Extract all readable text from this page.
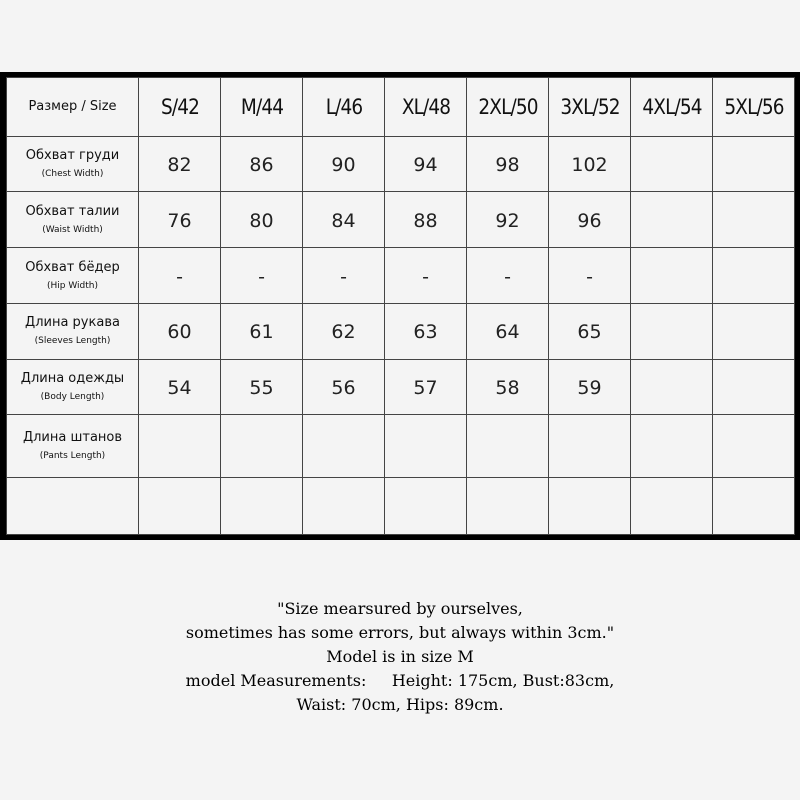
Размер / Size	S/42	M/44	L/46	XL/48	2XL/50	3XL/52	4XL/54	5XL/56

Обхват груди
(Chest Width)	82	86	90	94	98	102		

Обхват талии
(Waist Width)	76	80	84	88	92	96		

Обхват бёдер
(Hip Width)	-	-	-	-	-	-		

Длина рукава
(Sleeves Length)	60	61	62	63	64	65		

Длина одежды
(Body Length)	54	55	56	57	58	59		

Длина штанов
(Pants Length)								

"Size mearsured by ourselves,
sometimes has some errors, but always within 3cm."
Model is in size M
model Measurements:     Height: 175cm, Bust:83cm,
Waist: 70cm, Hips: 89cm.
